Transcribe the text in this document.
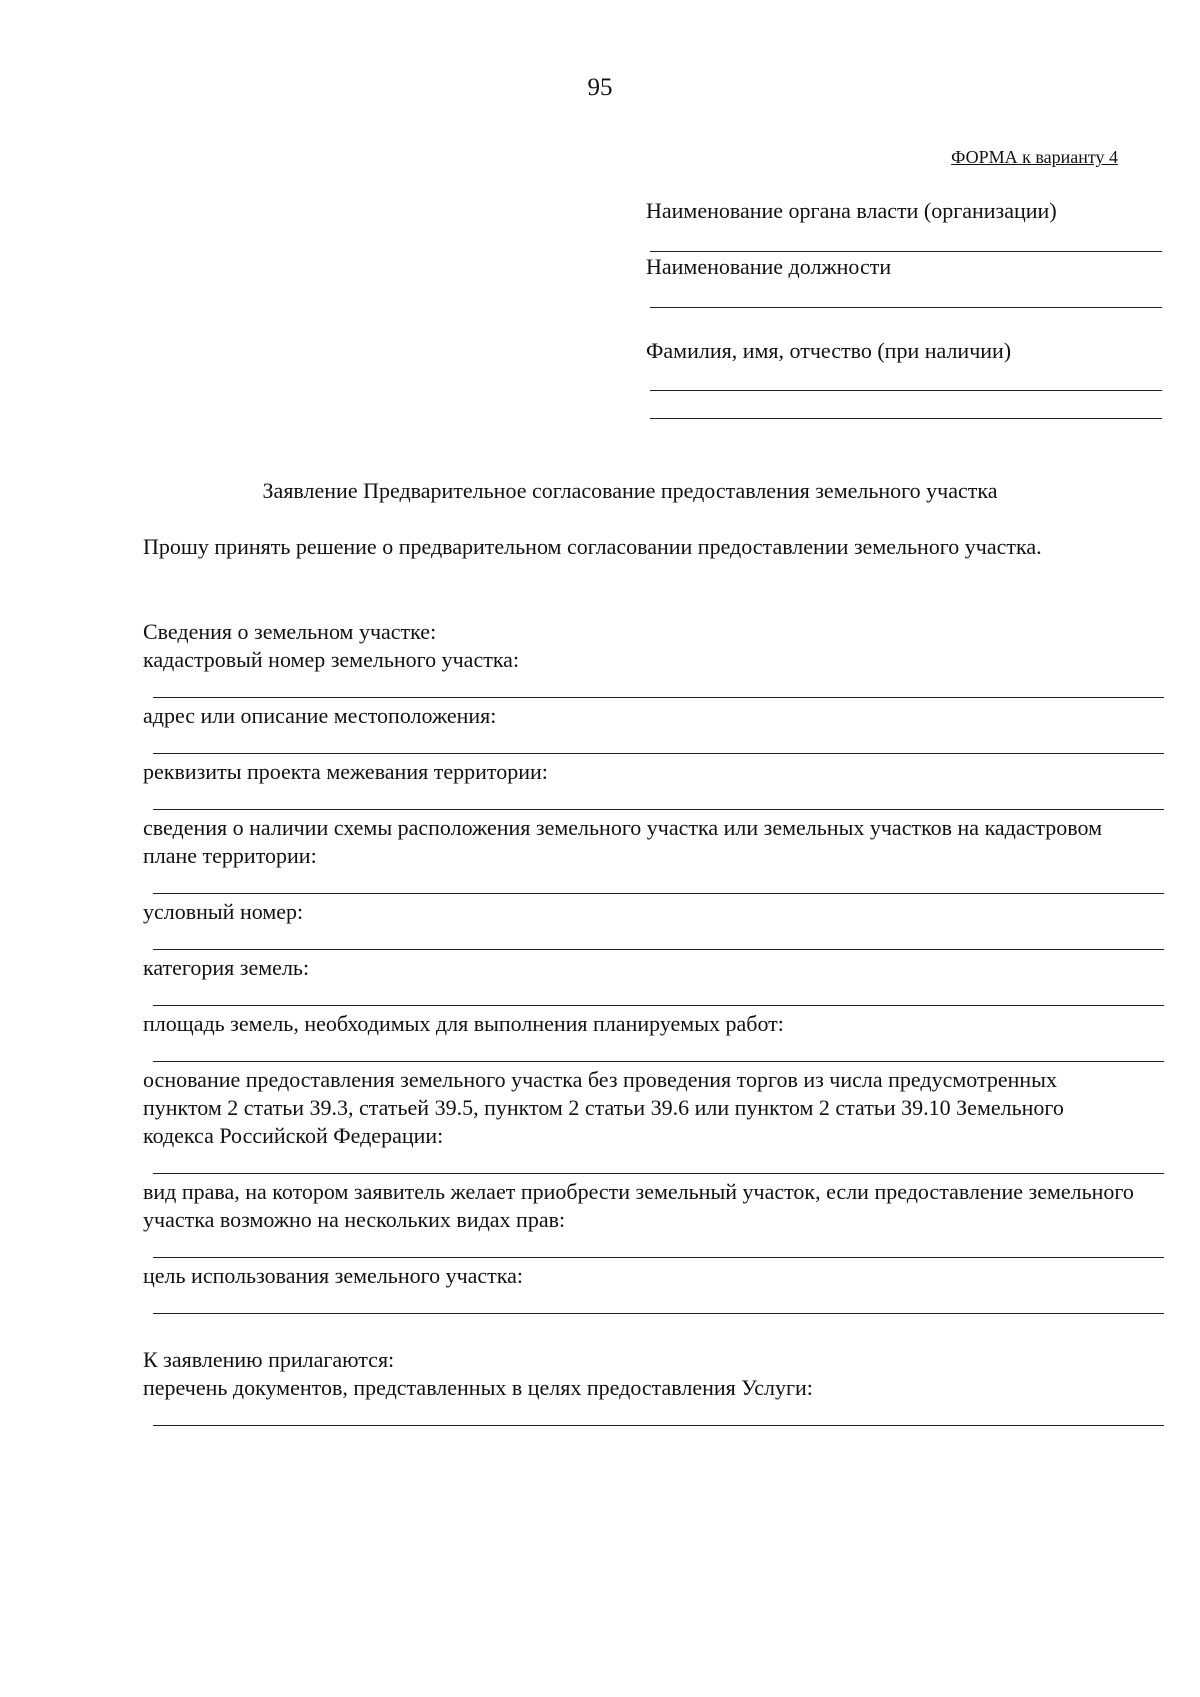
95
ФОРМА к варианту 4
Наименование органа власти (организации)
Наименование должности
Фамилия, имя, отчество (при наличии)
Заявление Предварительное согласование предоставления земельного участка
Прошу принять решение о предварительном согласовании предоставлении земельного участка.
Сведения о земельном участке:
кадастровый номер земельного участка:
адрес или описание местоположения:
реквизиты проекта межевания территории:
сведения о наличии схемы расположения земельного участка или земельных участков на кадастровом плане территории:
условный номер:
категория земель:
площадь земель, необходимых для выполнения планируемых работ:
основание предоставления земельного участка без проведения торгов из числа предусмотренных пунктом 2 статьи 39.3, статьей 39.5, пунктом 2 статьи 39.6 или пунктом 2 статьи 39.10 Земельного кодекса Российской Федерации:
вид права, на котором заявитель желает приобрести земельный участок, если предоставление земельного участка возможно на нескольких видах прав:
цель использования земельного участка:
К заявлению прилагаются:
перечень документов, представленных в целях предоставления Услуги:
